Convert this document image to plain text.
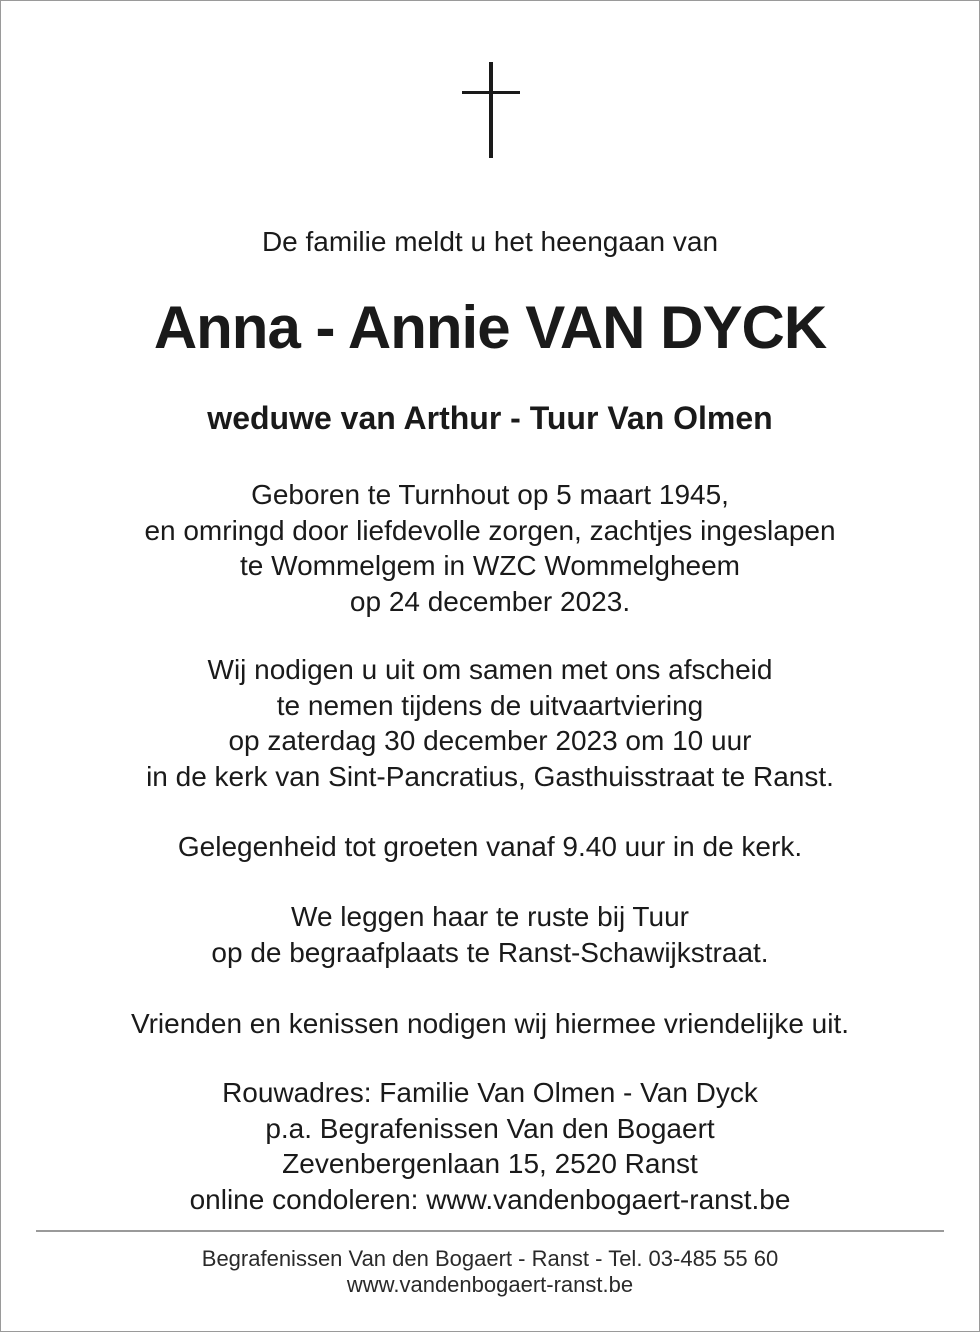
De familie meldt u het heengaan van
Anna - Annie VAN DYCK
weduwe van Arthur - Tuur Van Olmen
Geboren te Turnhout op 5 maart 1945,
en omringd door liefdevolle zorgen, zachtjes ingeslapen
te Wommelgem in WZC Wommelgheem
op 24 december 2023.
Wij nodigen u uit om samen met ons afscheid
te nemen tijdens de uitvaartviering
op zaterdag 30 december 2023 om 10 uur
in de kerk van Sint-Pancratius, Gasthuisstraat te Ranst.
Gelegenheid tot groeten vanaf 9.40 uur in de kerk.
We leggen haar te ruste bij Tuur
op de begraafplaats te Ranst-Schawijkstraat.
Vrienden en kenissen nodigen wij hiermee vriendelijke uit.
Rouwadres: Familie Van Olmen - Van Dyck
p.a. Begrafenissen Van den Bogaert
Zevenbergenlaan 15, 2520 Ranst
online condoleren: www.vandenbogaert-ranst.be
Begrafenissen Van den Bogaert - Ranst - Tel. 03-485 55 60
www.vandenbogaert-ranst.be
